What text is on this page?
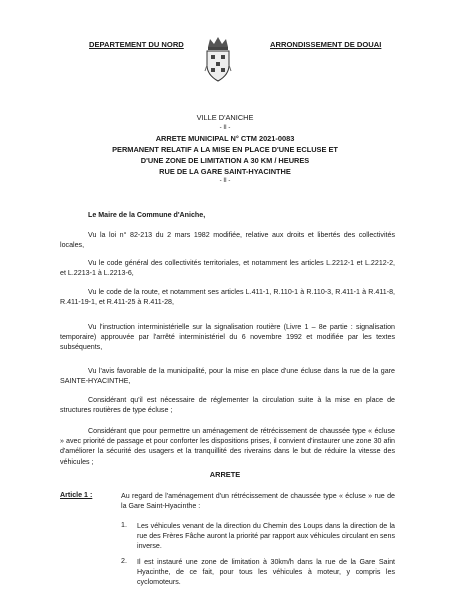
DEPARTEMENT DU NORD	ARRONDISSEMENT DE DOUAI
VILLE D'ANICHE
- II -
ARRETE MUNICIPAL N° CTM 2021-0083
PERMANENT RELATIF A LA MISE EN PLACE D'UNE ECLUSE ET
D'UNE ZONE DE LIMITATION A 30 KM / HEURES
RUE DE LA GARE SAINT-HYACINTHE
- II -
Le Maire de la Commune d'Aniche,
Vu la loi n° 82-213 du 2 mars 1982 modifiée, relative aux droits et libertés des collectivités locales,
Vu le code général des collectivités territoriales, et notamment les articles L.2212-1 et L.2212-2, et L.2213-1 à L.2213-6,
Vu le code de la route, et notamment ses articles L.411-1, R.110-1 à R.110-3, R.411-1 à R.411-8, R.411-19-1, et R.411-25 à R.411-28,
Vu l'instruction interministérielle sur la signalisation routière (Livre 1 – 8e partie : signalisation temporaire) approuvée par l'arrêté interministériel du 6 novembre 1992 et modifiée par les textes subséquents,
Vu l'avis favorable de la municipalité, pour la mise en place d'une écluse dans la rue de la gare SAINTE-HYACINTHE,
Considérant qu'il est nécessaire de réglementer la circulation suite à la mise en place de structures routières de type écluse ;
Considérant que pour permettre un aménagement de rétrécissement de chaussée type « écluse » avec priorité de passage et pour conforter les dispositions prises, il convient d'instaurer une zone 30 afin d'améliorer la sécurité des usagers et la tranquillité des riverains dans le but de réduire la vitesse des véhicules ;
ARRETE
Article 1 :	Au regard de l'aménagement d'un rétrécissement de chaussée type « écluse » rue de la Gare Saint-Hyacinthe :
1. Les véhicules venant de la direction du Chemin des Loups dans la direction de la rue des Frères Fâche auront la priorité par rapport aux véhicules circulant en sens inverse.
2. Il est instauré une zone de limitation à 30km/h dans la rue de la Gare Saint Hyacinthe, de ce fait, pour tous les véhicules à moteur, y compris les cyclomoteurs.
